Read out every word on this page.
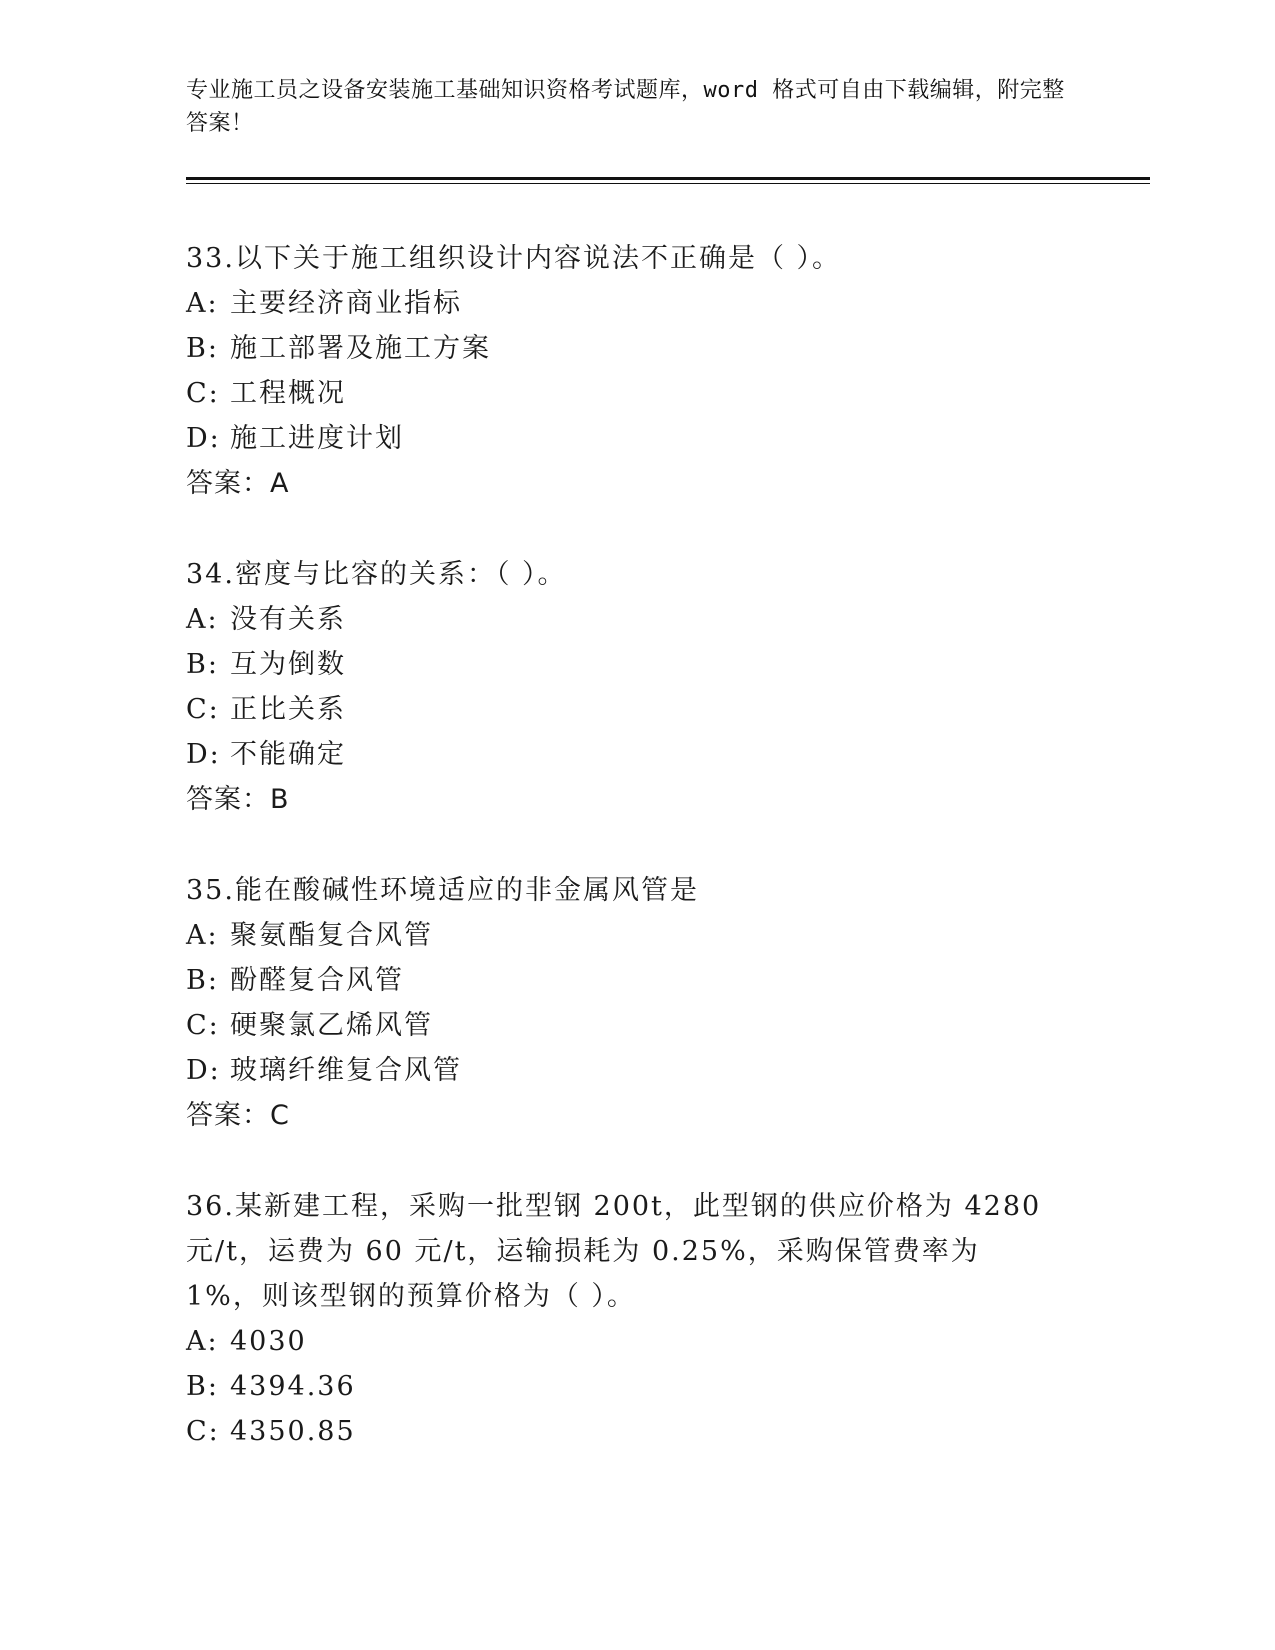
专业施工员之设备安装施工基础知识资格考试题库，word 格式可自由下载编辑，附完整答案！
33.以下关于施工组织设计内容说法不正确是（ ）。
A: 主要经济商业指标
B: 施工部署及施工方案
C: 工程概况
D: 施工进度计划
答案：A
34.密度与比容的关系：（ ）。
A: 没有关系
B: 互为倒数
C: 正比关系
D: 不能确定
答案：B
35.能在酸碱性环境适应的非金属风管是
A: 聚氨酯复合风管
B: 酚醛复合风管
C: 硬聚氯乙烯风管
D: 玻璃纤维复合风管
答案：C
36.某新建工程，采购一批型钢 200t，此型钢的供应价格为 4280 元/t，运费为 60 元/t，运输损耗为 0.25%，采购保管费率为 1%，则该型钢的预算价格为（ ）。
A: 4030
B: 4394.36
C: 4350.85
